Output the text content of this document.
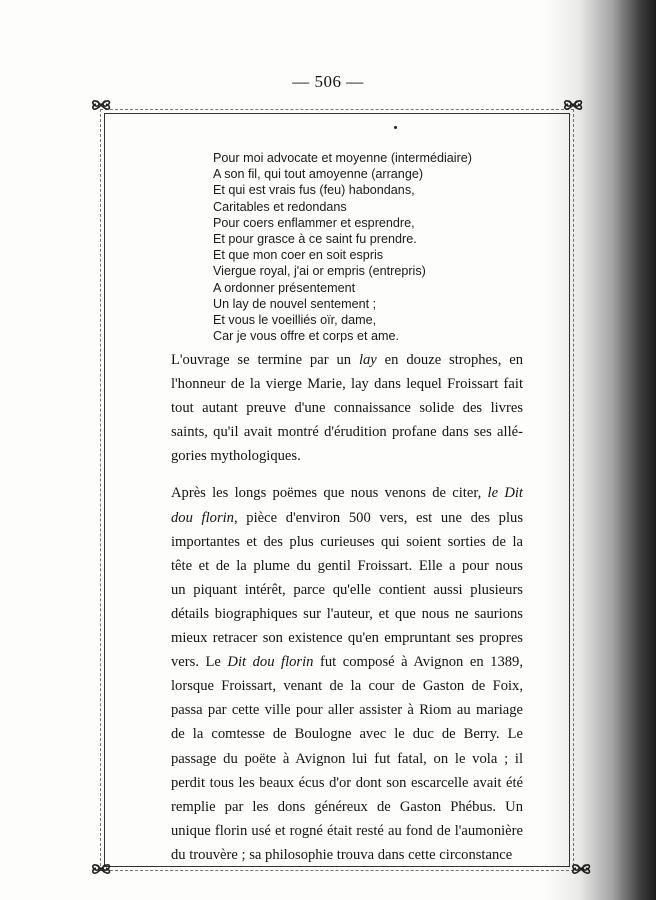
— 506 —
Pour moi advocate et moyenne (intermédiaire)
A son fil, qui tout amoyenne (arrange)
Et qui est vrais fus (feu) habondans,
Caritables et redondans
Pour coers enflammer et esprendre,
Et pour grasce à ce saint fu prendre.
Et que mon coer en soit espris
Viergue royal, j'ai or empris (entrepris)
A ordonner présentement
Un lay de nouvel sentement ;
Et vous le voeilliés oïr, dame,
Car je vous offre et corps et ame.

L'ouvrage se termine par un lay en douze strophes, en
l'honneur de la vierge Marie, lay dans lequel Froissart fait
tout autant preuve d'une connaissance solide des livres
saints, qu'il avait montré d'érudition profane dans ses allé-
gories mythologiques.

Après les longs poëmes que nous venons de citer, le Dit
dou florin, pièce d'environ 500 vers, est une des plus
importantes et des plus curieuses qui soient sorties de la
tête et de la plume du gentil Froissart. Elle a pour nous
un piquant intérêt, parce qu'elle contient aussi plusieurs
détails biographiques sur l'auteur, et que nous ne saurions
mieux retracer son existence qu'en empruntant ses propres
vers. Le Dit dou florin fut composé à Avignon en 1389,
lorsque Froissart, venant de la cour de Gaston de Foix,
passa par cette ville pour aller assister à Riom au mariage
de la comtesse de Boulogne avec le duc de Berry. Le
passage du poëte à Avignon lui fut fatal, on le vola ; il
perdit tous les beaux écus d'or dont son escarcelle avait été
remplie par les dons généreux de Gaston Phébus. Un
unique florin usé et rogné était resté au fond de l'aumonière
du trouvère ; sa philosophie trouva dans cette circonstance
